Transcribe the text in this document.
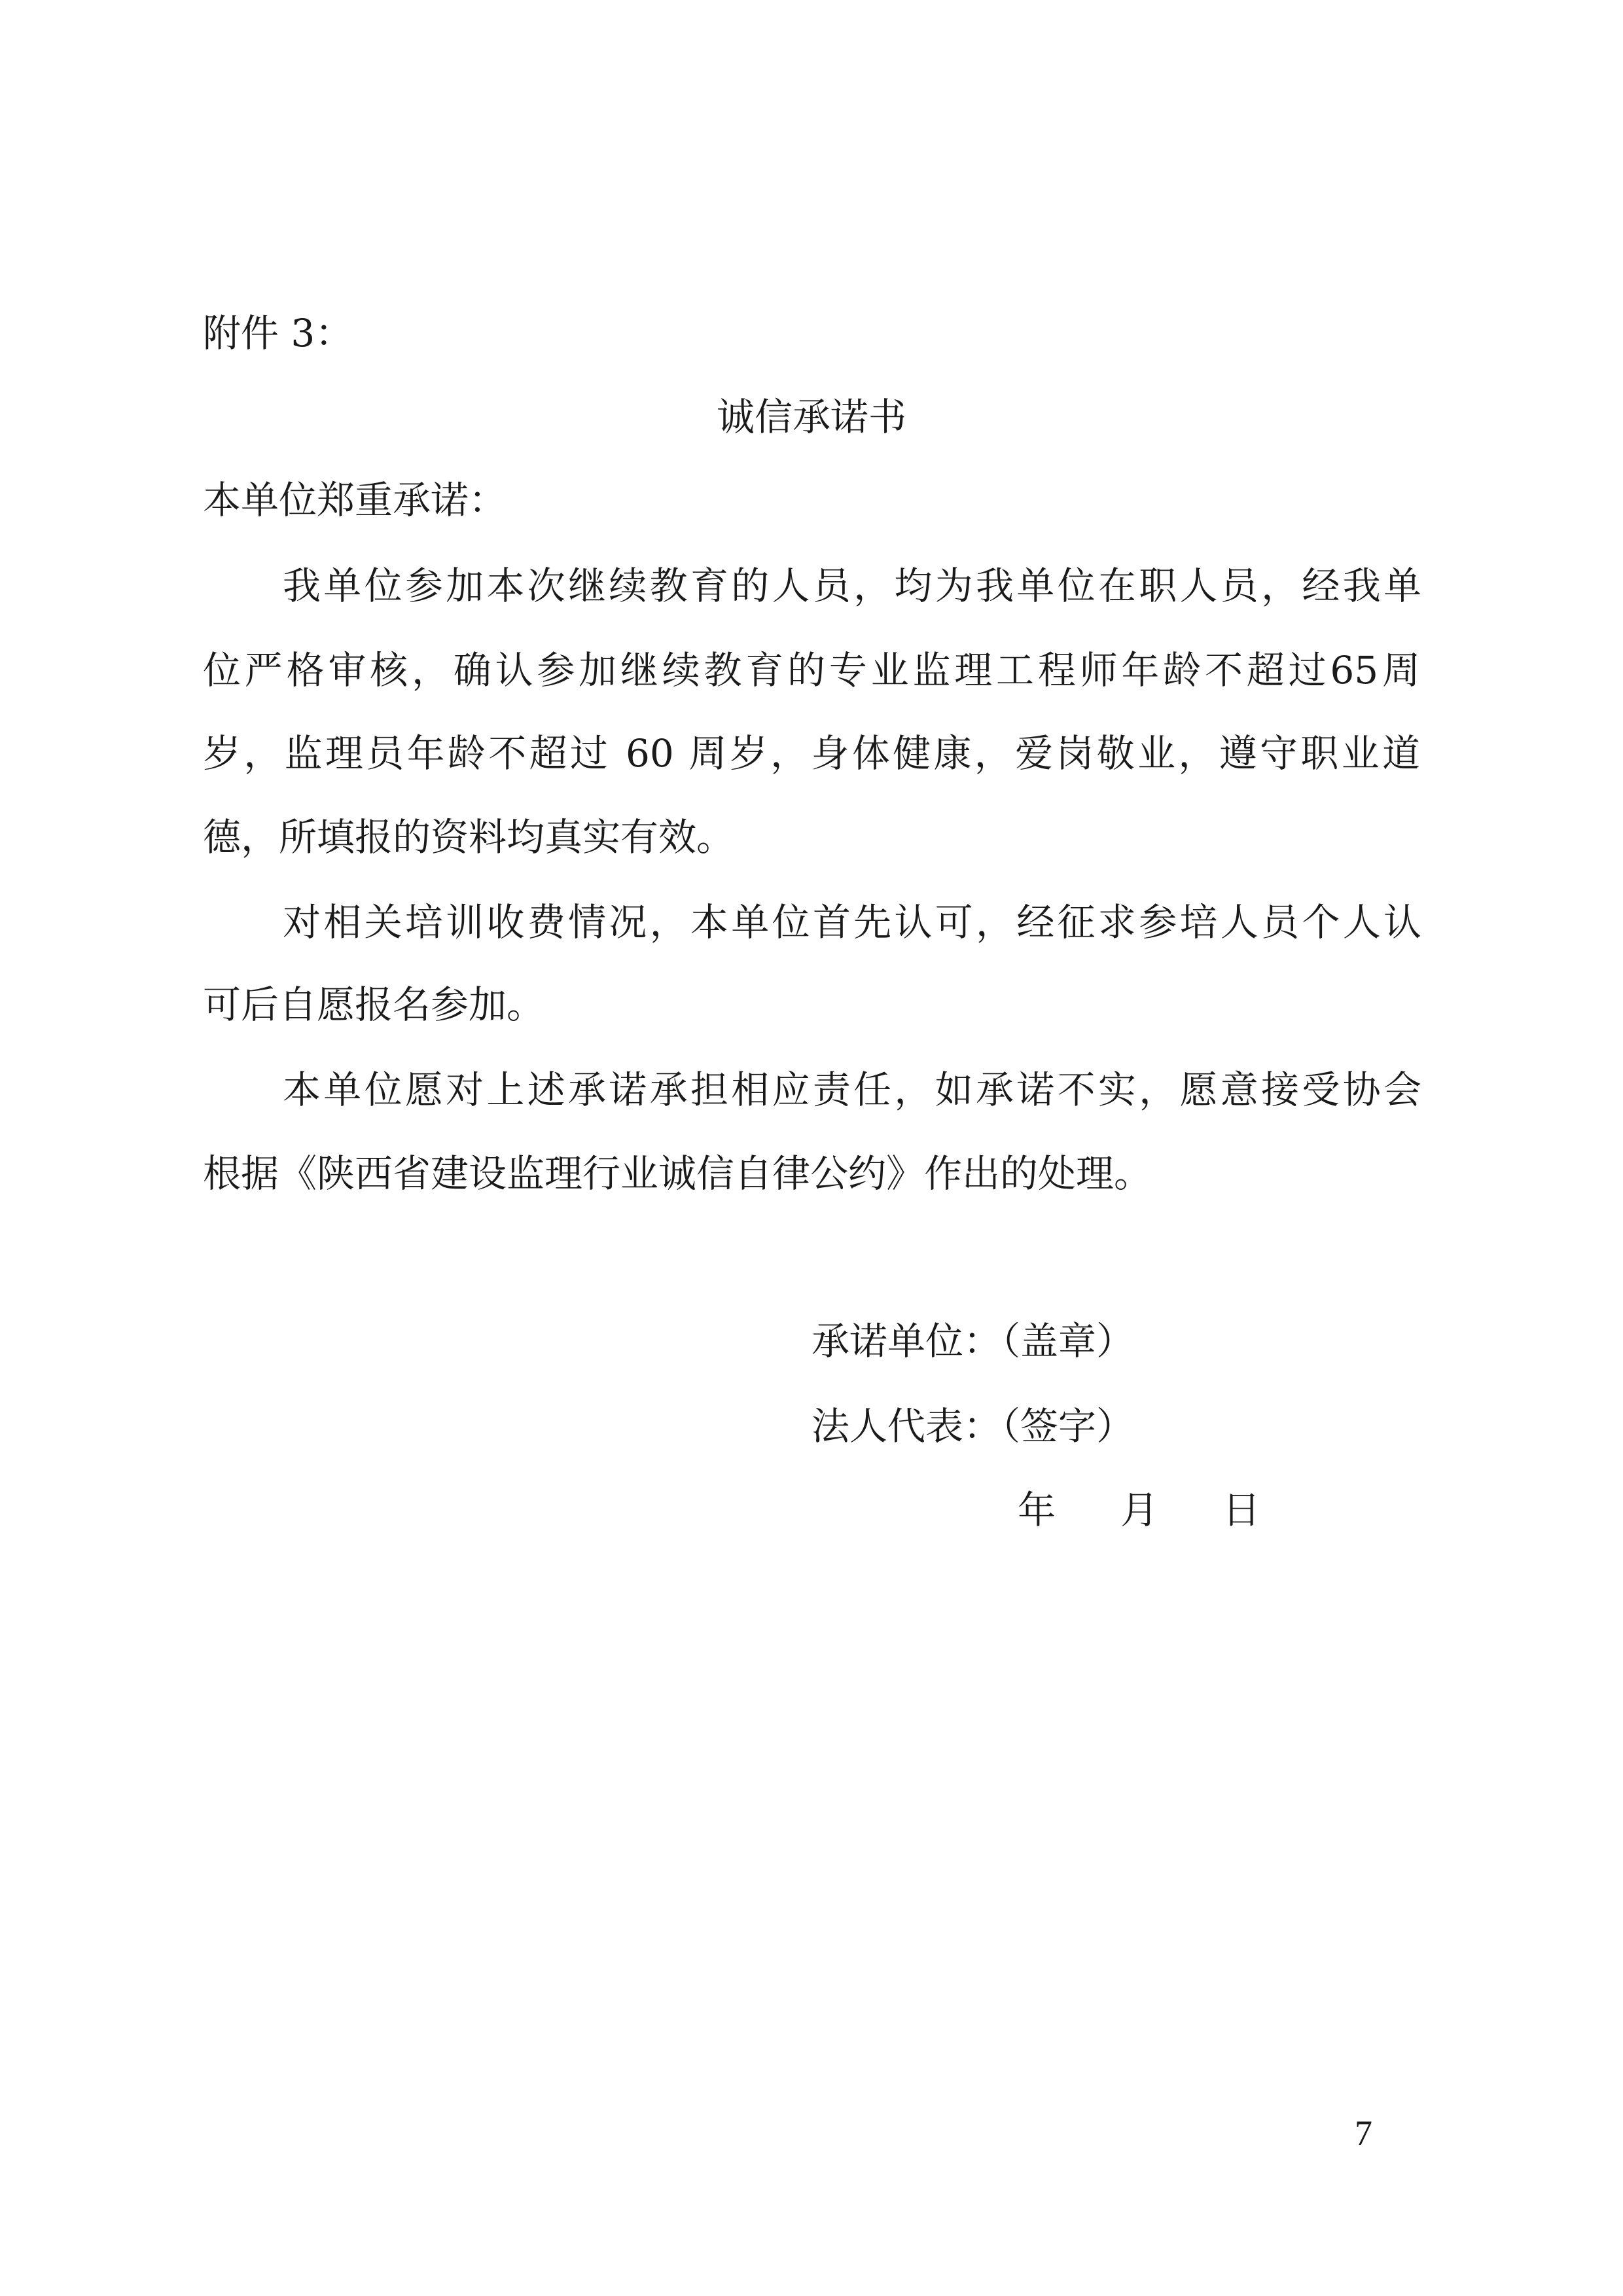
附件 3：
诚信承诺书
本单位郑重承诺：
我单位参加本次继续教育的人员，均为我单位在职人员，经我单
位严格审核，确认参加继续教育的专业监理工程师年龄不超过65周
岁，监理员年龄不超过 60 周岁，身体健康，爱岗敬业，遵守职业道
德，所填报的资料均真实有效。
对相关培训收费情况，本单位首先认可，经征求参培人员个人认
可后自愿报名参加。
本单位愿对上述承诺承担相应责任，如承诺不实，愿意接受协会
根据《陕西省建设监理行业诚信自律公约》作出的处理。
承诺单位：（盖章）
法人代表：（签字）
年 月 日
7
